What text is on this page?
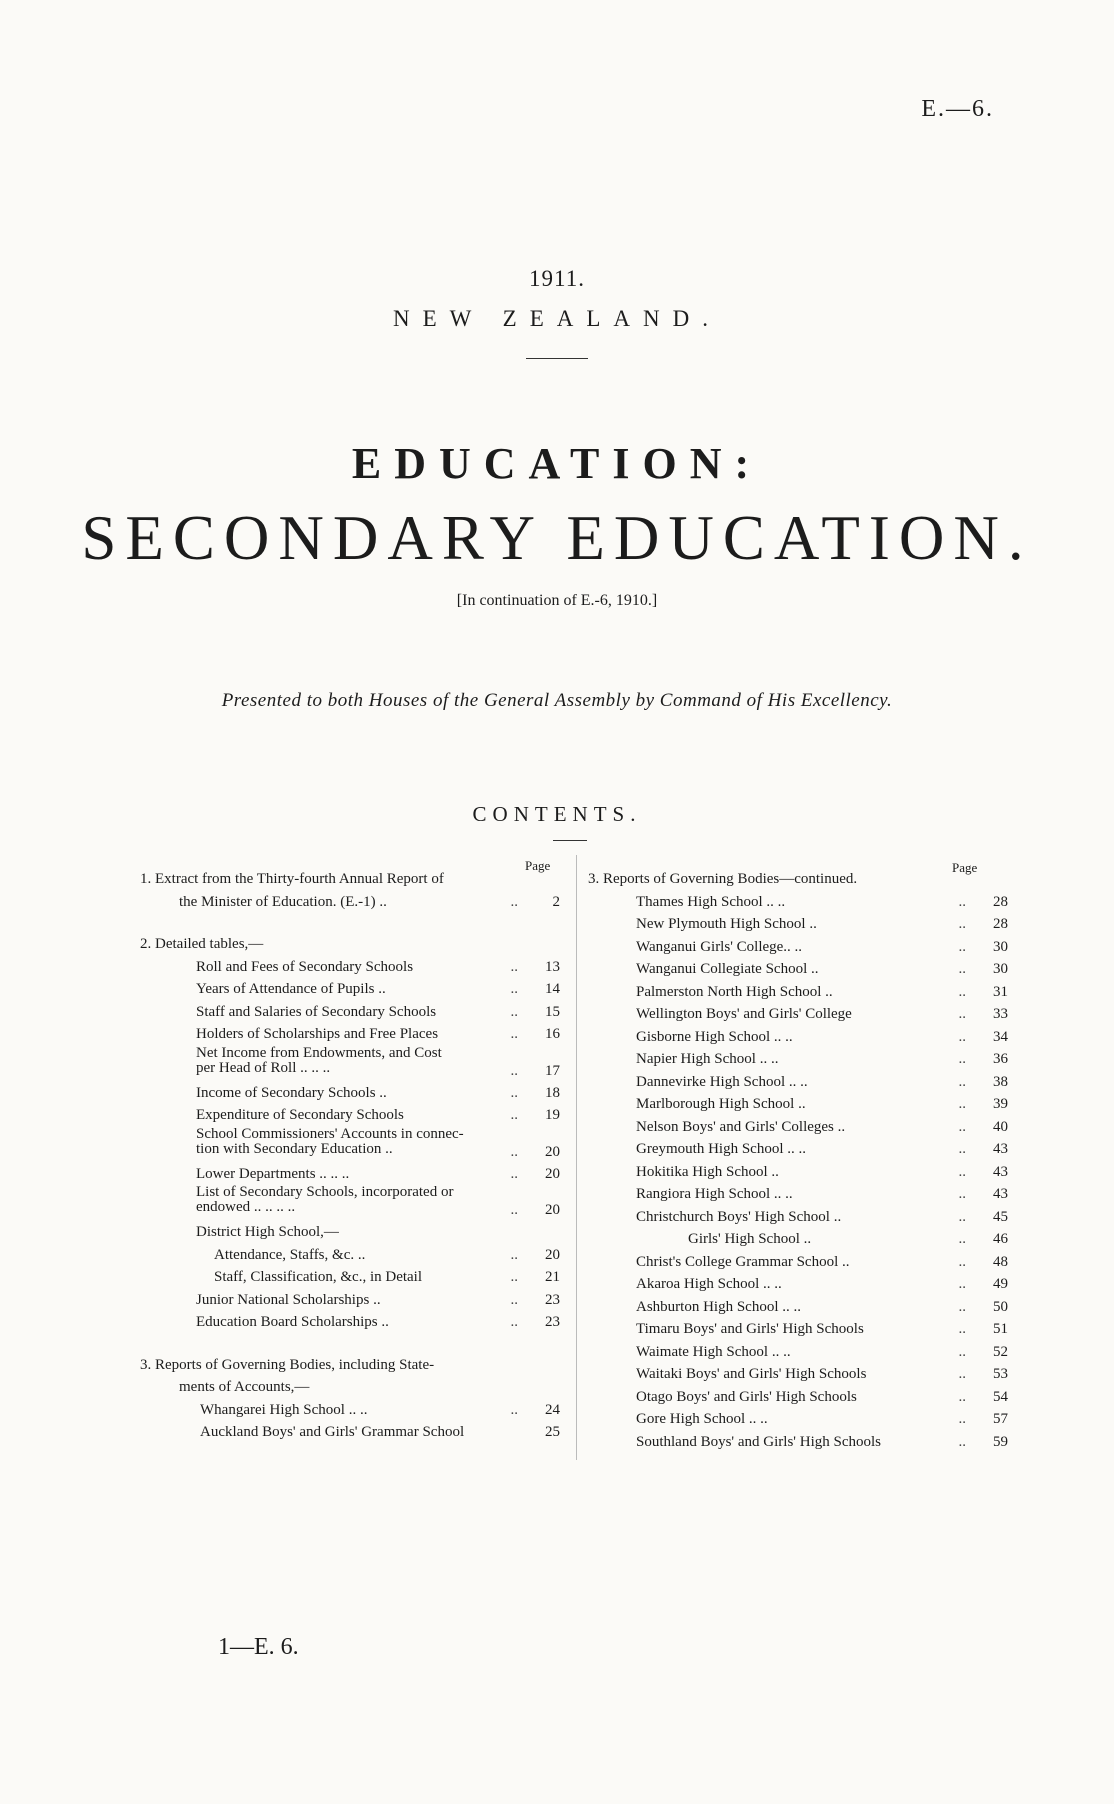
E.—6.
1911.
NEW ZEALAND.
EDUCATION:
SECONDARY EDUCATION.
[In continuation of E.-6, 1910.]
Presented to both Houses of the General Assembly by Command of His Excellency.
CONTENTS.
Page	Page
1. Extract from the Thirty-fourth Annual Report of
the Minister of Education. (E.-1) ..	..	2
2. Detailed tables,—
Roll and Fees of Secondary Schools	..	13
Years of Attendance of Pupils ..	..	14
Staff and Salaries of Secondary Schools	..	15
Holders of Scholarships and Free Places	..	16
Net Income from Endowments, and Cost
per Head of Roll .. .. ..	..	17
Income of Secondary Schools ..	..	18
Expenditure of Secondary Schools	..	19
School Commissioners' Accounts in connec-
tion with Secondary Education ..	..	20
Lower Departments .. .. ..	..	20
List of Secondary Schools, incorporated or
endowed .. .. .. ..	..	20
District High School,—
Attendance, Staffs, &c. ..	..	20
Staff, Classification, &c., in Detail	..	21
Junior National Scholarships ..	..	23
Education Board Scholarships ..	..	23
3. Reports of Governing Bodies, including State-
ments of Accounts,—
Whangarei High School .. ..	..	24
Auckland Boys' and Girls' Grammar School	25
3. Reports of Governing Bodies—continued.
Thames High School .. ..	..	28
New Plymouth High School ..	..	28
Wanganui Girls' College.. ..	..	30
Wanganui Collegiate School ..	..	30
Palmerston North High School ..	..	31
Wellington Boys' and Girls' College	..	33
Gisborne High School .. ..	..	34
Napier High School .. ..	..	36
Dannevirke High School .. ..	..	38
Marlborough High School ..	..	39
Nelson Boys' and Girls' Colleges ..	..	40
Greymouth High School .. ..	..	43
Hokitika High School ..	..	43
Rangiora High School .. ..	..	43
Christchurch Boys' High School ..	..	45
Girls' High School ..	..	46
Christ's College Grammar School ..	..	48
Akaroa High School .. ..	..	49
Ashburton High School .. ..	..	50
Timaru Boys' and Girls' High Schools	..	51
Waimate High School .. ..	..	52
Waitaki Boys' and Girls' High Schools	..	53
Otago Boys' and Girls' High Schools	..	54
Gore High School .. ..	..	57
Southland Boys' and Girls' High Schools	..	59
1—E. 6.
